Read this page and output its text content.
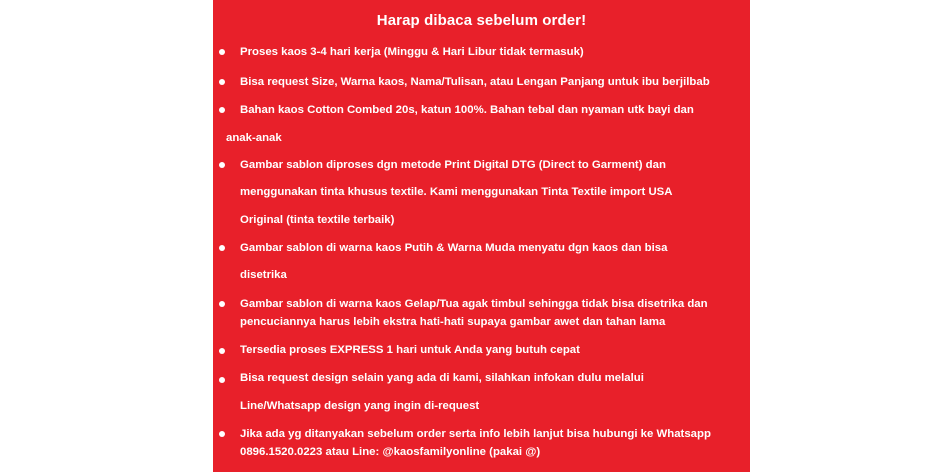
Harap dibaca sebelum order!
Proses kaos 3-4 hari kerja (Minggu & Hari Libur tidak termasuk)
Bisa request Size, Warna kaos, Nama/Tulisan, atau Lengan Panjang untuk ibu berjilbab
Bahan kaos Cotton Combed 20s, katun 100%. Bahan tebal dan nyaman utk bayi dan
anak-anak
Gambar sablon diproses dgn metode Print Digital DTG (Direct to Garment) dan
menggunakan tinta khusus textile. Kami menggunakan Tinta Textile import USA
Original (tinta textile terbaik)
Gambar sablon di warna kaos Putih & Warna Muda menyatu dgn kaos dan bisa
disetrika
Gambar sablon di warna kaos Gelap/Tua agak timbul sehingga tidak bisa disetrika dan
pencuciannya harus lebih ekstra hati-hati supaya gambar awet dan tahan lama
Tersedia proses EXPRESS 1 hari untuk Anda yang butuh cepat
Bisa request design selain yang ada di kami, silahkan infokan dulu melalui
Line/Whatsapp design yang ingin di-request
Jika ada yg ditanyakan sebelum order serta info lebih lanjut bisa hubungi ke Whatsapp
0896.1520.0223 atau Line: @kaosfamilyonline (pakai @)
